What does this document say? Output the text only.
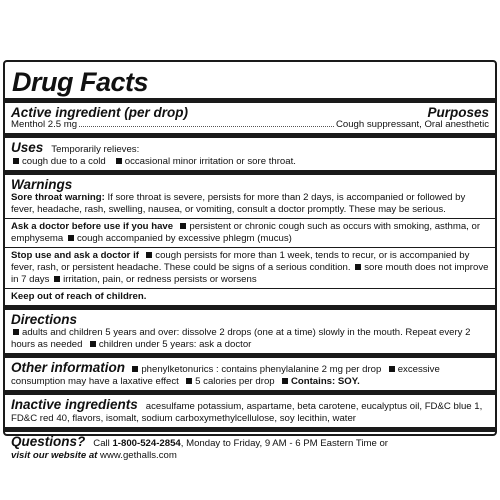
Drug Facts
Active ingredient (per drop)	Purposes
Menthol 2.5 mg	Cough suppressant, Oral anesthetic
Uses Temporarily relieves:
cough due to a cold occasional minor irritation or sore throat.
Warnings
Sore throat warning: If sore throat is severe, persists for more than 2 days, is accompanied or followed by fever, headache, rash, swelling, nausea, or vomiting, consult a doctor promptly. These may be serious.
Ask a doctor before use if you have persistent or chronic cough such as occurs with smoking, asthma, or emphysema cough accompanied by excessive phlegm (mucus)
Stop use and ask a doctor if cough persists for more than 1 week, tends to recur, or is accompanied by fever, rash, or persistent headache. These could be signs of a serious condition. sore mouth does not improve in 7 days irritation, pain, or redness persists or worsens
Keep out of reach of children.
Directions
adults and children 5 years and over: dissolve 2 drops (one at a time) slowly in the mouth. Repeat every 2 hours as needed children under 5 years: ask a doctor
Other information phenylketonurics : contains phenylalanine 2 mg per drop excessive consumption may have a laxative effect 5 calories per drop Contains: SOY.
Inactive ingredients acesulfame potassium, aspartame, beta carotene, eucalyptus oil, FD&C blue 1, FD&C red 40, flavors, isomalt, sodium carboxymethylcellulose, soy lecithin, water
Questions? Call 1-800-524-2854, Monday to Friday, 9 AM - 6 PM Eastern Time or
visit our website at www.gethalls.com
